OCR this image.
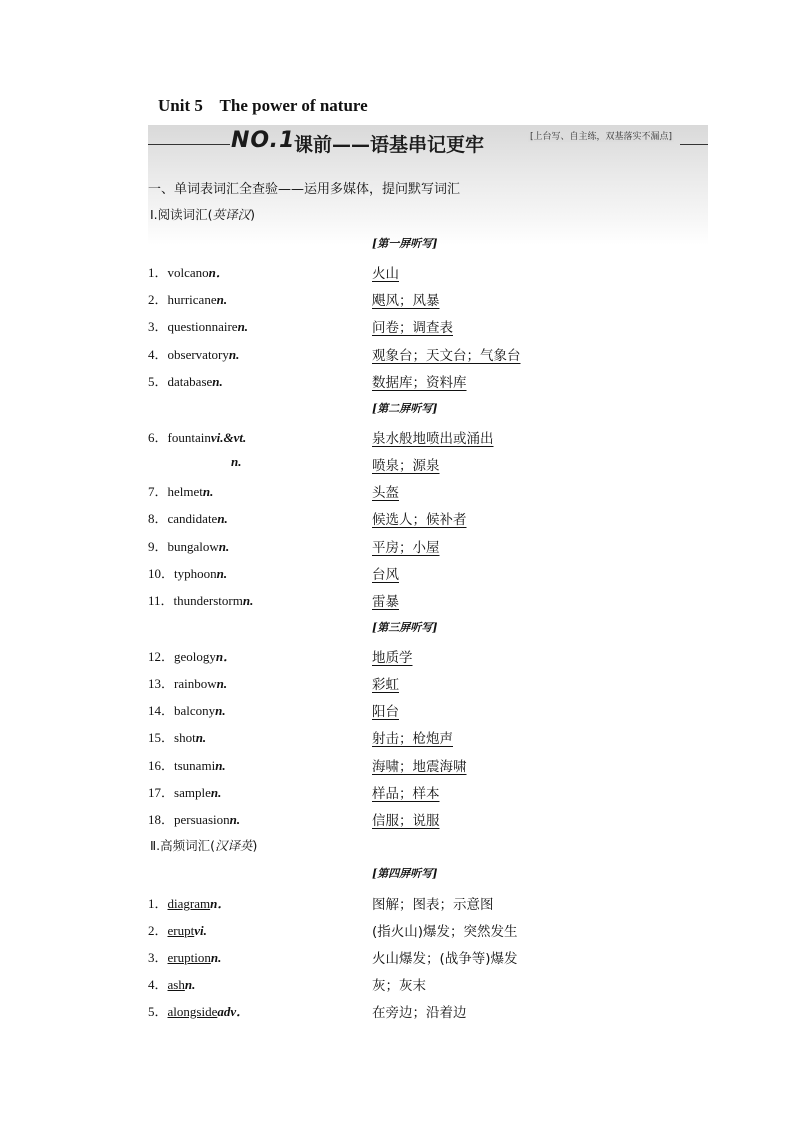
Unit 5    The power of nature
NO.1
课前——语基串记更牢	[上台写、自主练，双基落实不漏点]
一、单词表词汇全查验——运用多媒体，提问默写词汇
Ⅰ.阅读词汇(英译汉)
[第一屏听写]
[第二屏听写]
[第三屏听写]
1．volcanon．	火山
2．hurricanen.	飓风；风暴
3．questionnairen.	问卷；调查表
4．observatoryn.	观象台；天文台；气象台
5．databasen.	数据库；资料库
6．fountainvi.&vt.	泉水般地喷出或涌出
n.	喷泉；源泉
7．helmetn.	头盔
8．candidaten.	候选人；候补者
9．bungalown.	平房；小屋
10．typhoonn.	台风
11．thunderstormn.	雷暴
12．geologyn．	地质学
13．rainbown.	彩虹
14．balconyn.	阳台
15．shotn.	射击；枪炮声
16．tsunamin.	海啸；地震海啸
17．samplen.	样品；样本
18．persuasionn.	信服；说服
Ⅱ.高频词汇(汉译英)
[第四屏听写]
1．diagramn．	图解；图表；示意图
2．eruptvi.	(指火山)爆发；突然发生
3．eruptionn.	火山爆发；(战争等)爆发
4．ashn.	灰；灰末
5．alongsideadv．	在旁边；沿着边
